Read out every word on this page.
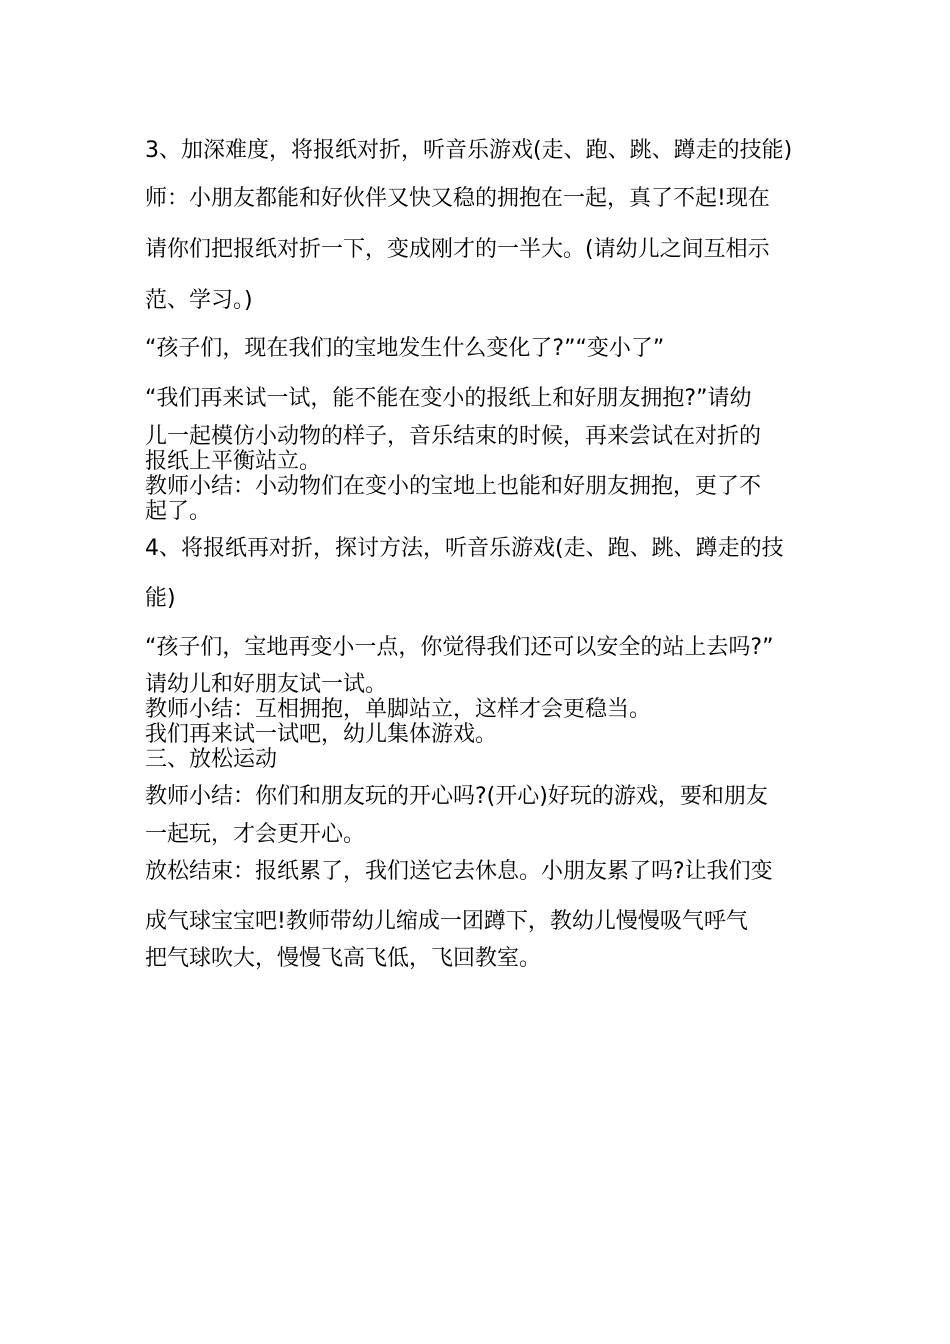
3、加深难度，将报纸对折，听音乐游戏(走、跑、跳、蹲走的技能)
师：小朋友都能和好伙伴又快又稳的拥抱在一起，真了不起!现在
请你们把报纸对折一下，变成刚才的一半大。(请幼儿之间互相示
范、学习。)
“孩子们，现在我们的宝地发生什么变化了?”“变小了”
“我们再来试一试，能不能在变小的报纸上和好朋友拥抱?”请幼
儿一起模仿小动物的样子，音乐结束的时候，再来尝试在对折的
报纸上平衡站立。
教师小结：小动物们在变小的宝地上也能和好朋友拥抱，更了不
起了。
4、将报纸再对折，探讨方法，听音乐游戏(走、跑、跳、蹲走的技
能)
“孩子们，宝地再变小一点，你觉得我们还可以安全的站上去吗?”
请幼儿和好朋友试一试。
教师小结：互相拥抱，单脚站立，这样才会更稳当。
我们再来试一试吧，幼儿集体游戏。
三、放松运动
教师小结：你们和朋友玩的开心吗?(开心)好玩的游戏，要和朋友
一起玩，才会更开心。
放松结束：报纸累了，我们送它去休息。小朋友累了吗?让我们变
成气球宝宝吧!教师带幼儿缩成一团蹲下，教幼儿慢慢吸气呼气
把气球吹大，慢慢飞高飞低，飞回教室。
